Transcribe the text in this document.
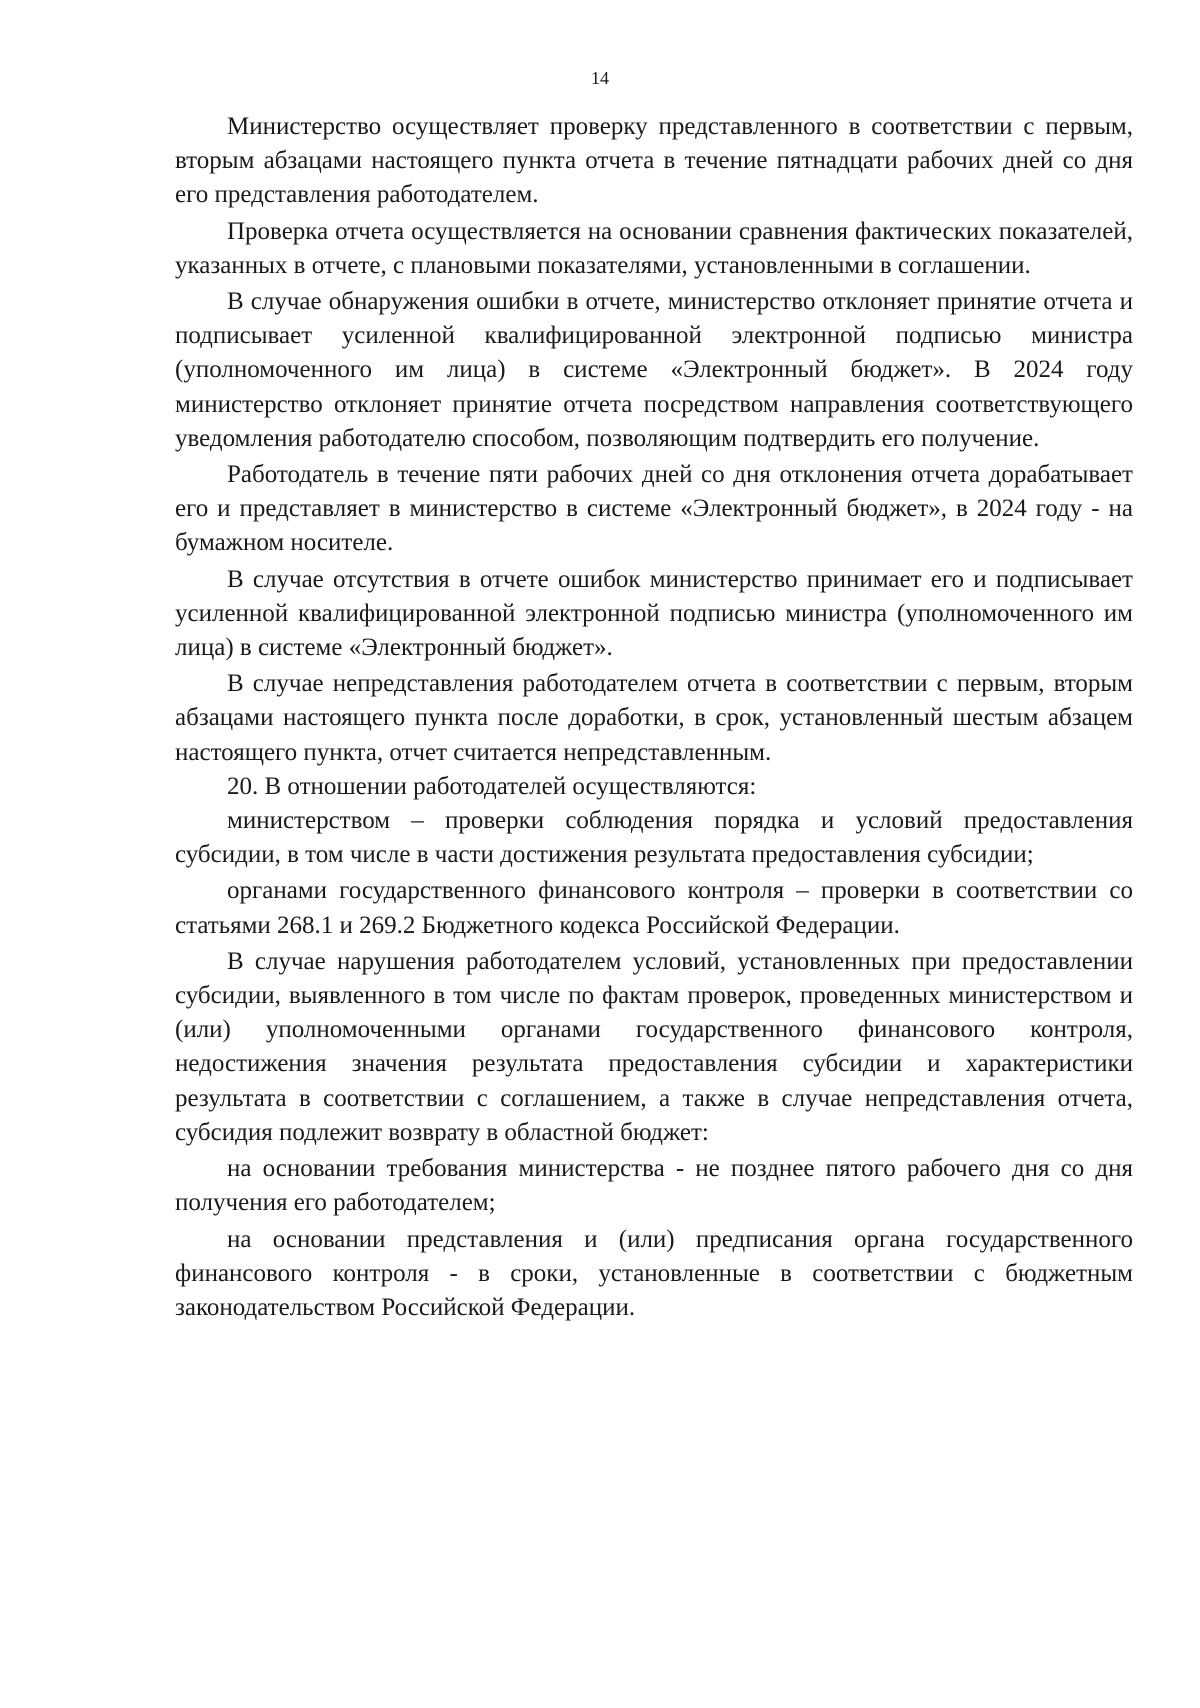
14

Министерство осуществляет проверку представленного в соответствии с первым, вторым абзацами настоящего пункта отчета в течение пятнадцати рабочих дней со дня его представления работодателем.

Проверка отчета осуществляется на основании сравнения фактических показателей, указанных в отчете, с плановыми показателями, установленными в соглашении.

В случае обнаружения ошибки в отчете, министерство отклоняет принятие отчета и подписывает усиленной квалифицированной электронной подписью министра (уполномоченного им лица) в системе «Электронный бюджет». В 2024 году министерство отклоняет принятие отчета посредством направления соответствующего уведомления работодателю способом, позволяющим подтвердить его получение.

Работодатель в течение пяти рабочих дней со дня отклонения отчета дорабатывает его и представляет в министерство в системе «Электронный бюджет», в 2024 году - на бумажном носителе.

В случае отсутствия в отчете ошибок министерство принимает его и подписывает усиленной квалифицированной электронной подписью министра (уполномоченного им лица) в системе «Электронный бюджет».

В случае непредставления работодателем отчета в соответствии с первым, вторым абзацами настоящего пункта после доработки, в срок, установленный шестым абзацем настоящего пункта, отчет считается непредставленным.

20. В отношении работодателей осуществляются:

министерством – проверки соблюдения порядка и условий предоставления субсидии, в том числе в части достижения результата предоставления субсидии;

органами государственного финансового контроля – проверки в соответствии со статьями 268.1 и 269.2 Бюджетного кодекса Российской Федерации.

В случае нарушения работодателем условий, установленных при предоставлении субсидии, выявленного в том числе по фактам проверок, проведенных министерством и (или) уполномоченными органами государственного финансового контроля, недостижения значения результата предоставления субсидии и характеристики результата в соответствии с соглашением, а также в случае непредставления отчета, субсидия подлежит возврату в областной бюджет:

на основании требования министерства - не позднее пятого рабочего дня со дня получения его работодателем;

на основании представления и (или) предписания органа государственного финансового контроля - в сроки, установленные в соответствии с бюджетным законодательством Российской Федерации.
